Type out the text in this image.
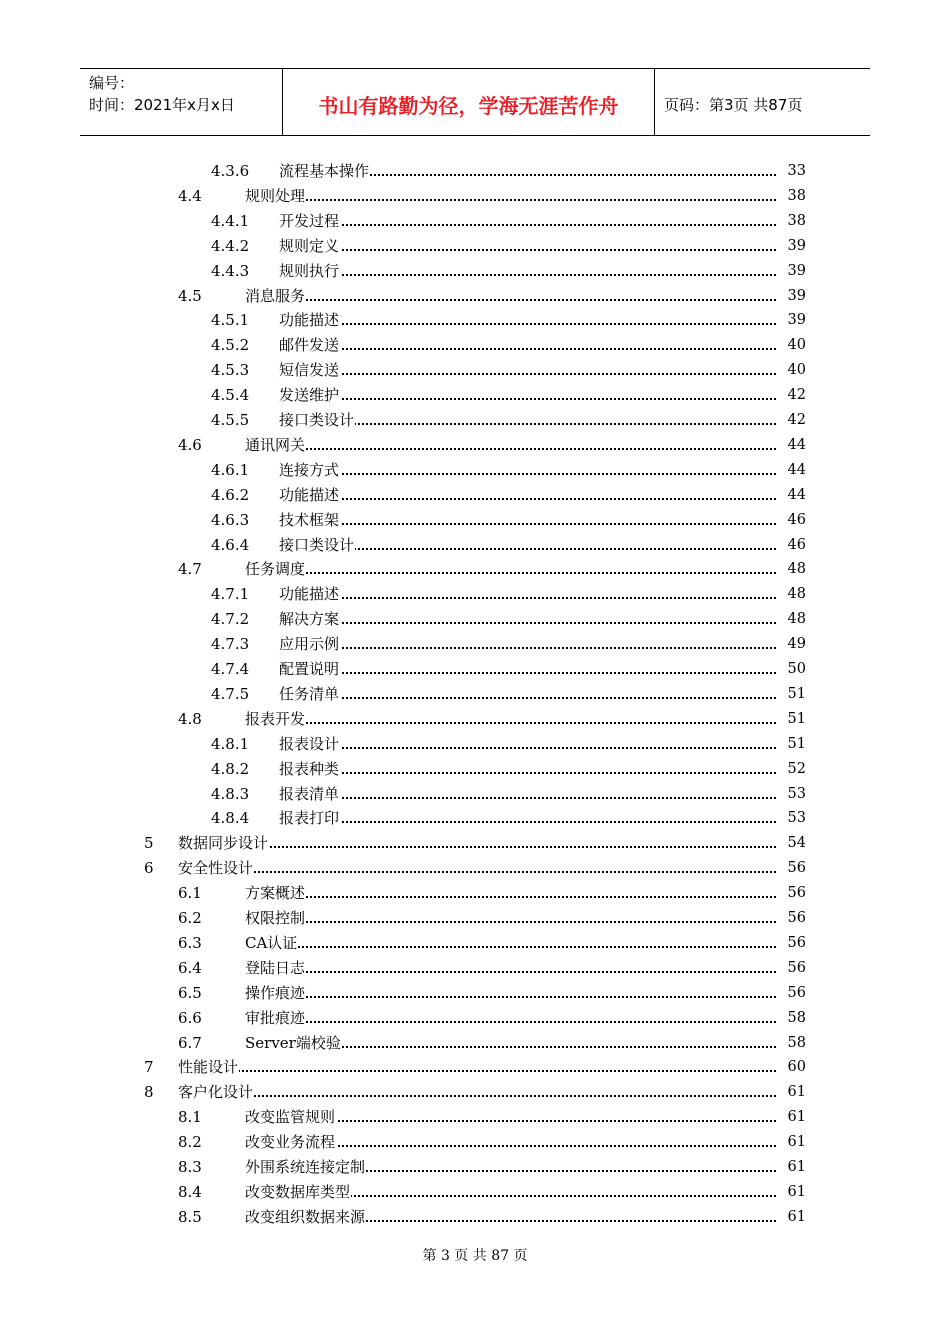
编号：
时间：2021年x月x日	书山有路勤为径，学海无涯苦作舟	页码：第3页 共87页
4.3.6 流程基本操作	33
4.4	规则处理	38
4.4.1 开发过程	38
4.4.2 规则定义	39
4.4.3 规则执行	39
4.5	消息服务	39
4.5.1 功能描述	39
4.5.2 邮件发送	40
4.5.3 短信发送	40
4.5.4 发送维护	42
4.5.5 接口类设计	42
4.6	通讯网关	44
4.6.1 连接方式	44
4.6.2 功能描述	44
4.6.3 技术框架	46
4.6.4 接口类设计	46
4.7	任务调度	48
4.7.1 功能描述	48
4.7.2 解决方案	48
4.7.3 应用示例	49
4.7.4 配置说明	50
4.7.5 任务清单	51
4.8	报表开发	51
4.8.1 报表设计	51
4.8.2 报表种类	52
4.8.3 报表清单	53
4.8.4 报表打印	53
5 数据同步设计	54
6 安全性设计	56
6.1	方案概述	56
6.2	权限控制	56
6.3	CA认证	56
6.4	登陆日志	56
6.5	操作痕迹	56
6.6	审批痕迹	58
6.7	Server端校验	58
7 性能设计	60
8 客户化设计	61
8.1	改变监管规则	61
8.2	改变业务流程	61
8.3	外围系统连接定制	61
8.4	改变数据库类型	61
8.5	改变组织数据来源	61
第 3 页 共 87 页
